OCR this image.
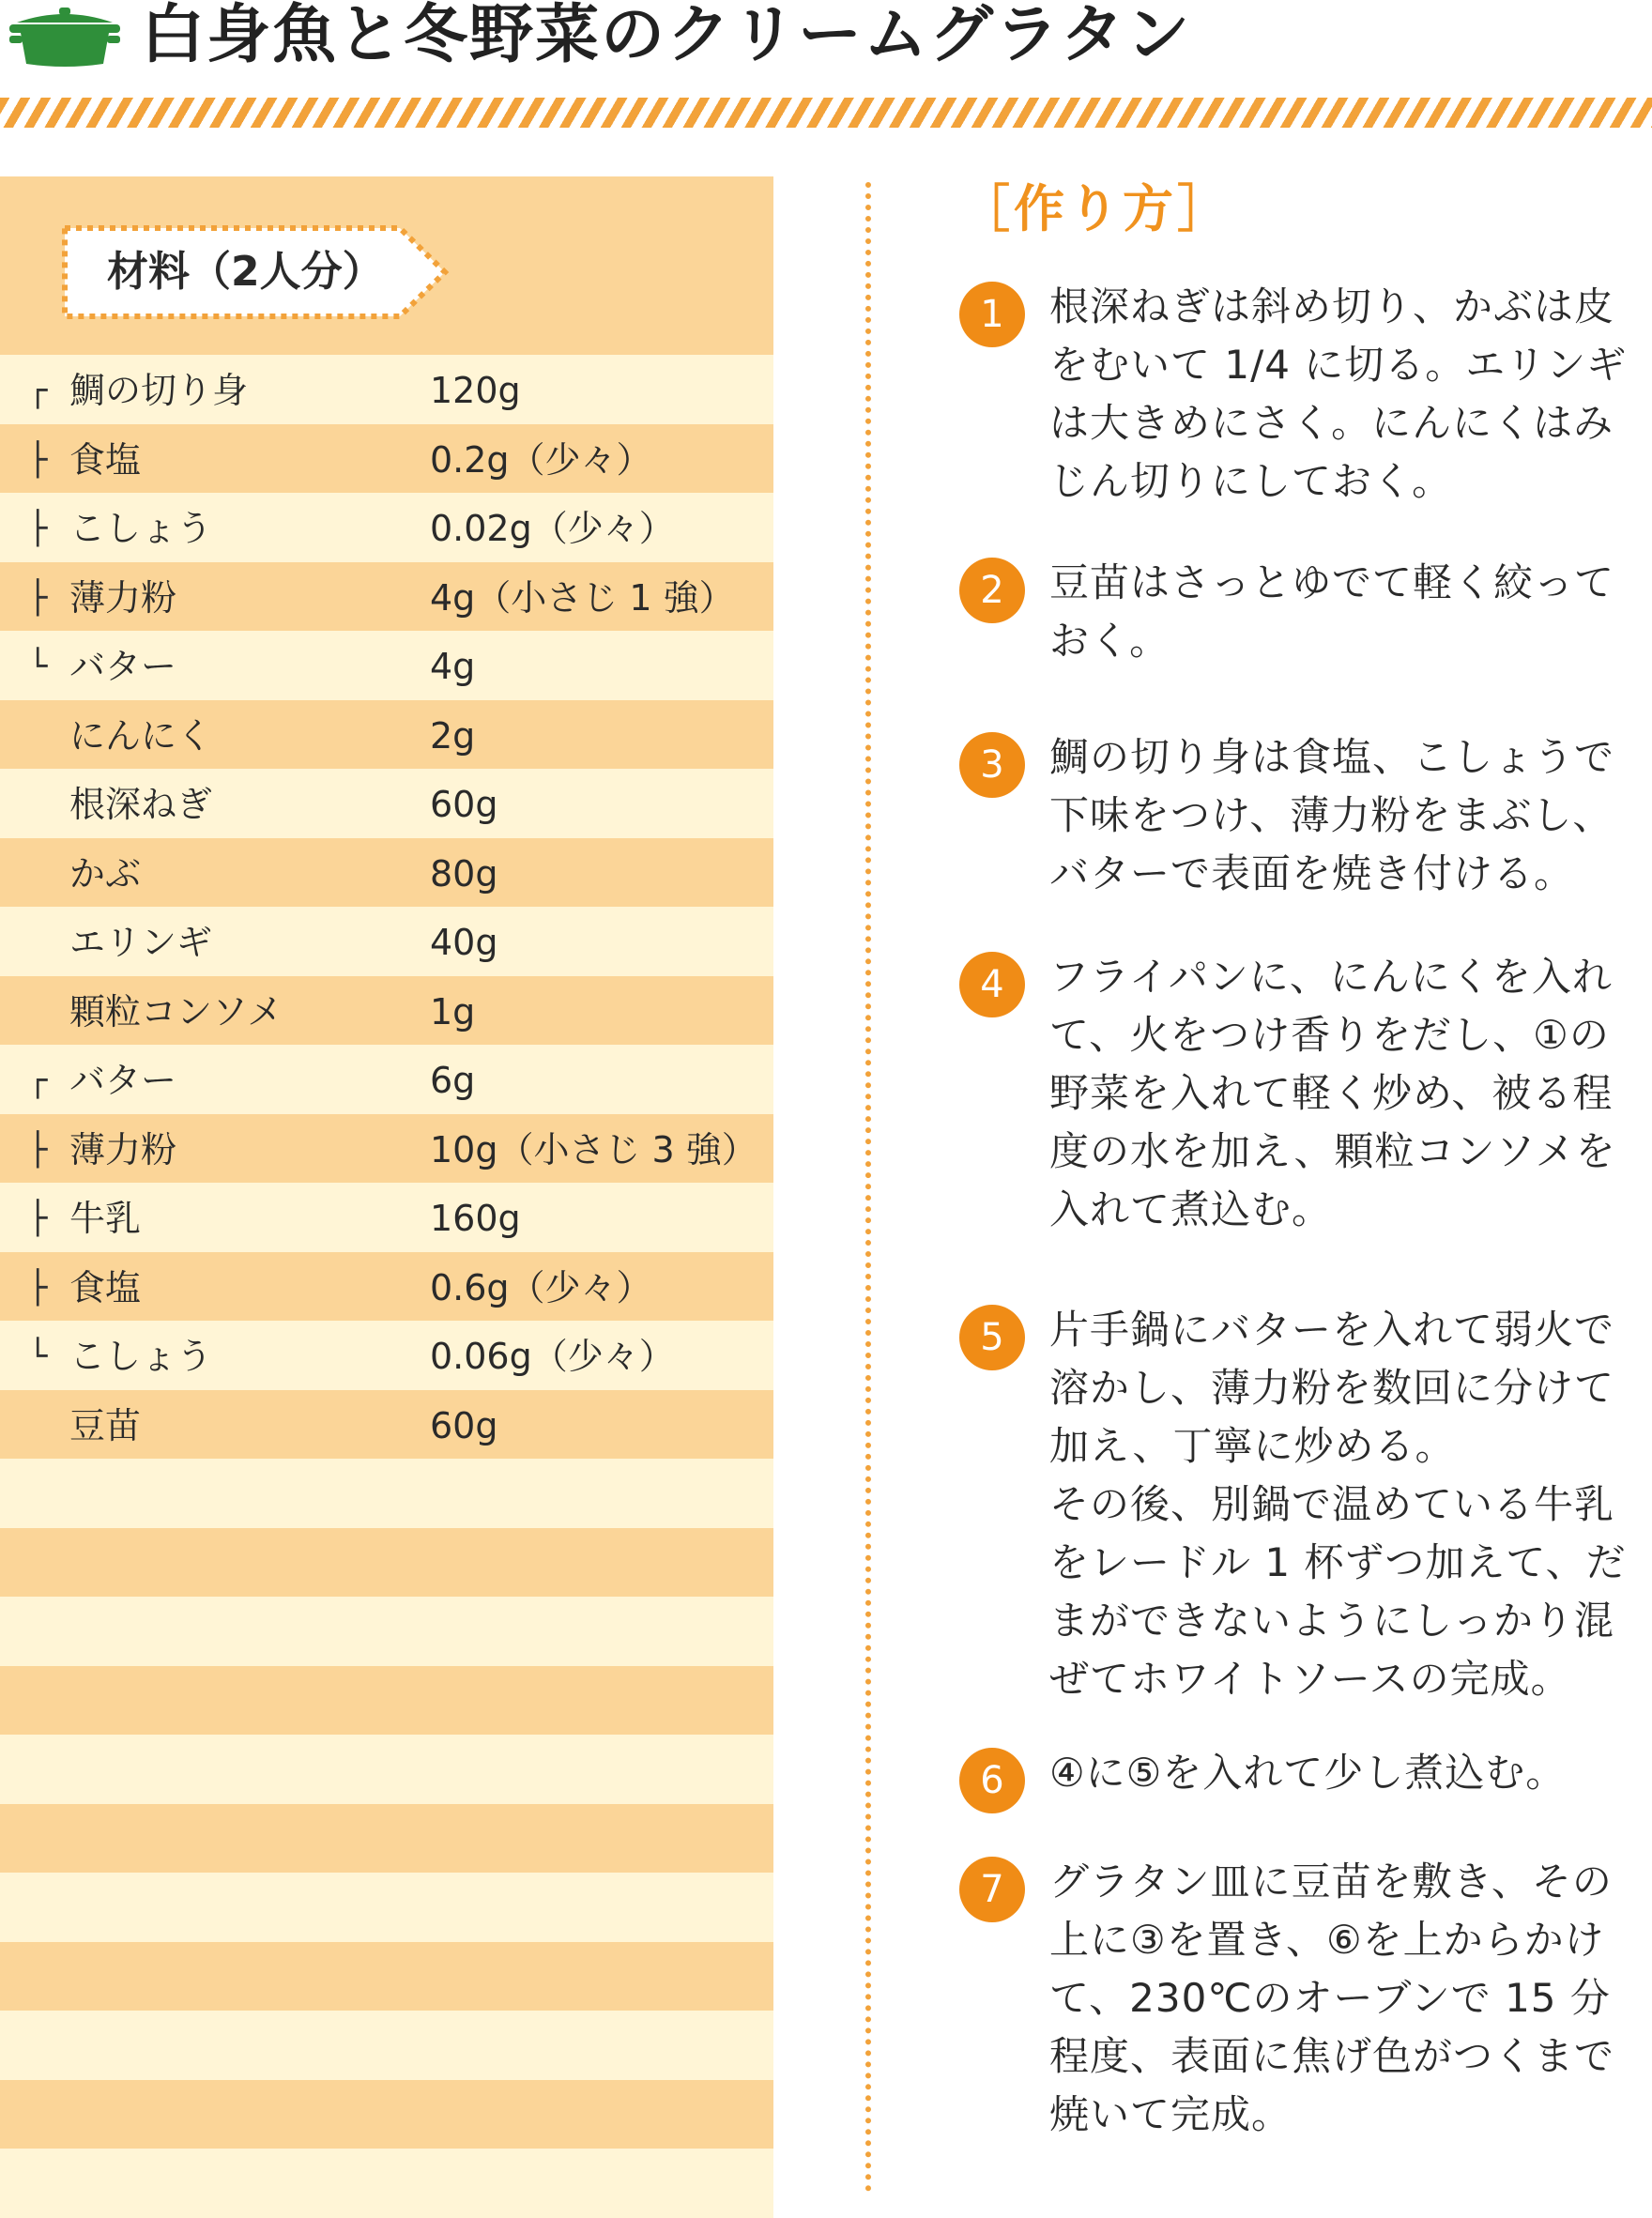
白身魚と冬野菜のクリームグラタン
材料（2人分）
┌ 鯛の切り身	120g
├ 食塩	0.2g（少々）
├ こしょう	0.02g（少々）
├ 薄力粉	4g（小さじ 1 強）
└ バター	4g
にんにく	2g
根深ねぎ	60g
かぶ	80g
エリンギ	40g
顆粒コンソメ	1g
┌ バター	6g
├ 薄力粉	10g（小さじ 3 強）
├ 牛乳	160g
├ 食塩	0.6g（少々）
└ こしょう	0.06g（少々）
豆苗	60g
［作り方］
1	根深ねぎは斜め切り、かぶは皮
をむいて 1/4 に切る。エリンギ
は大きめにさく。にんにくはみ
じん切りにしておく。
2	豆苗はさっとゆでて軽く絞って
おく。
3	鯛の切り身は食塩、こしょうで
下味をつけ、薄力粉をまぶし、
バターで表面を焼き付ける。
4	フライパンに、にんにくを入れ
て、火をつけ香りをだし、①の
野菜を入れて軽く炒め、被る程
度の水を加え、顆粒コンソメを
入れて煮込む。
5	片手鍋にバターを入れて弱火で
溶かし、薄力粉を数回に分けて
加え、丁寧に炒める。
その後、別鍋で温めている牛乳
をレードル 1 杯ずつ加えて、だ
まができないようにしっかり混
ぜてホワイトソースの完成。
6	④に⑤を入れて少し煮込む。
7	グラタン皿に豆苗を敷き、その
上に③を置き、⑥を上からかけ
て、230℃のオーブンで 15 分
程度、表面に焦げ色がつくまで
焼いて完成。
